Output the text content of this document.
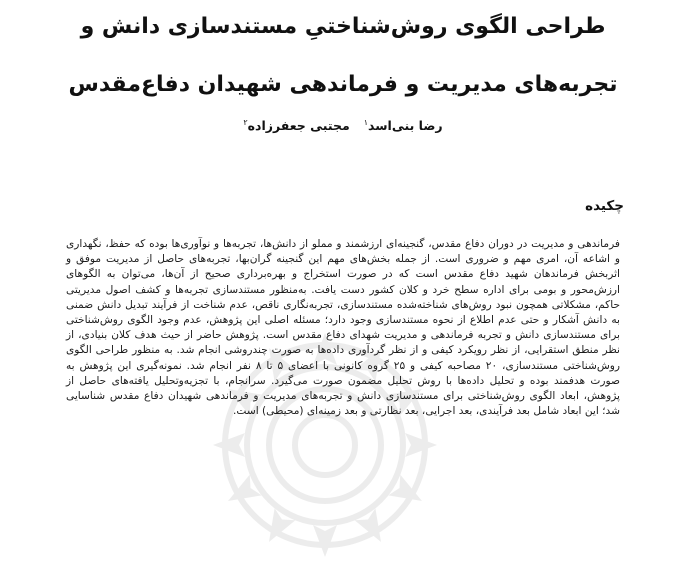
طراحی الگوی روش‌شناختیِ مستندسازی دانش و
تجربه‌های مدیریت و فرماندهی شهیدان دفاع‌مقدس
رضا بنی‌اسد$^۱$مجتبی جعفرزاده$^۲$
چکیده
فرماندهی و مدیریت در دوران دفاع مقدس، گنجینه‌ای ارزشمند و مملو از دانش‌ها، تجربه‌ها و نوآوری‌ها بوده که حفظ، نگهداری و اشاعه آن، امری مهم و ضروری است. از جمله بخش‌های مهم این گنجینه گران‌بها، تجربه‌های حاصل از مدیریت موفق و اثربخش فرماندهان شهید دفاع مقدس است که در صورت استخراج و بهره‌برداری صحیح از آن‌ها، می‌توان به الگوهای ارزش‌محور و بومی برای اداره سطح خرد و کلان کشور دست یافت. به‌منظور مستندسازی تجربه‌ها و کشف اصول مدیریتی حاکم، مشکلاتی همچون نبود روش‌های شناخته‌شده مستندسازی، تجربه‌نگاری ناقص، عدم شناخت از فرآیند تبدیل دانش ضمنی به دانش آشکار و حتی عدم اطلاع از نحوه مستندسازی وجود دارد؛ مسئله اصلی این پژوهش، عدم وجود الگوی روش‌شناختی برای مستندسازی دانش و تجربه فرماندهی و مدیریت شهدای دفاع مقدس است. پژوهش حاضر از حیث هدف کلان بنیادی، از نظر منطق استقرایی، از نظر رویکرد کیفی و از نظر گردآوری داده‌ها به صورت چندروشی انجام شد. به منظور طراحی الگوی روش‌شناختی مستندسازی، ۲۰ مصاحبه کیفی و ۲۵ گروه کانونی با اعضای ۵ تا ۸ نفر انجام شد. نمونه‌گیری این پژوهش به صورت هدفمند بوده و تحلیل داده‌ها با روش تحلیل مضمون صورت می‌گیرد. سرانجام، با تجزیه‌وتحلیل یافته‌های حاصل از پژوهش، ابعاد الگوی روش‌شناختی برای مستندسازی دانش و تجربه‌های مدیریت و فرماندهی شهیدان دفاع مقدس شناسایی شد؛ این ابعاد شامل بعد فرآیندی، بعد اجرایی، بعد نظارتی و بعد زمینه‌ای (محیطی) است.
